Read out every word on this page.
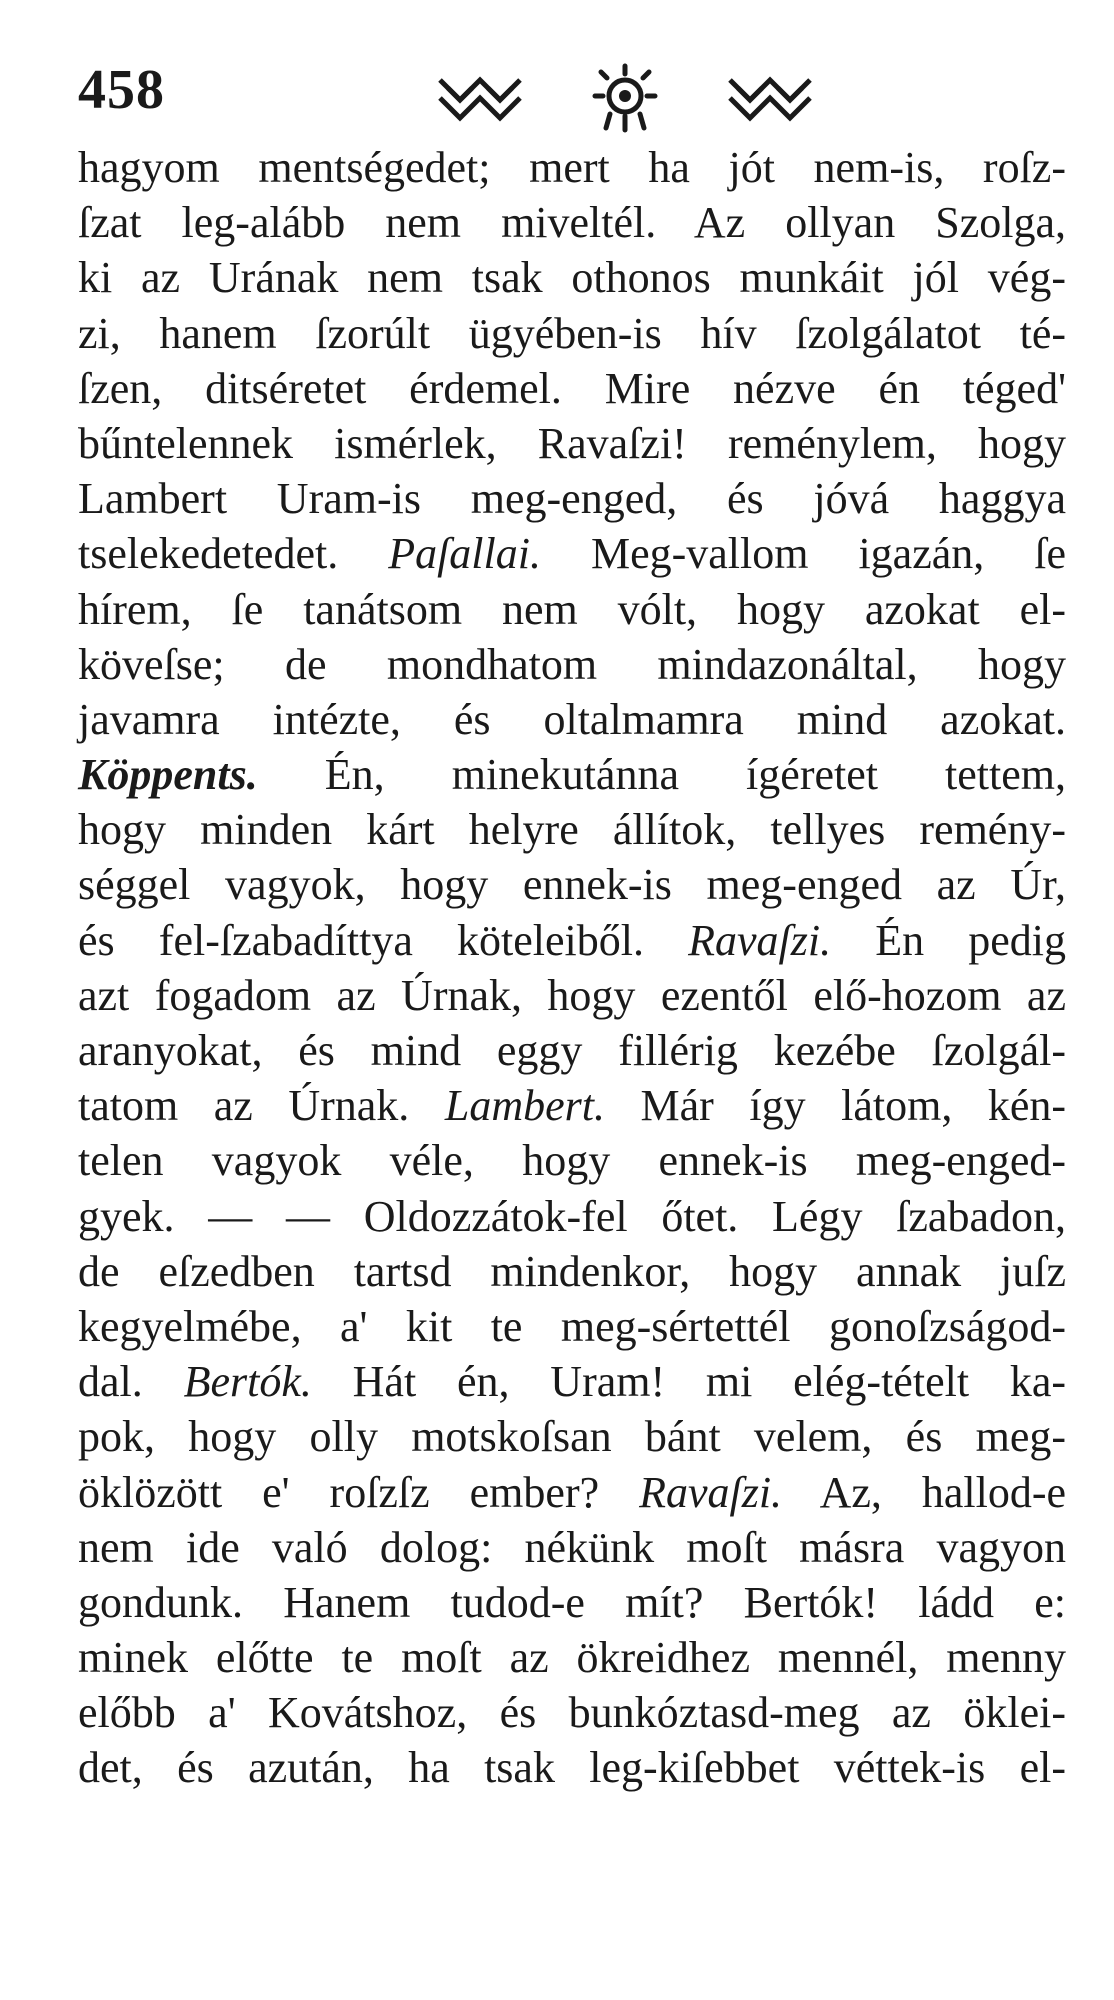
458
hagyom mentségedet; mert ha jót nem-is, roſz-
ſzat leg-alább nem miveltél. Az ollyan Szolga,
ki az Urának nem tsak othonos munkáit jól vég-
zi, hanem ſzorúlt ügyében-is hív ſzolgálatot té-
ſzen, ditséretet érdemel. Mire nézve én téged'
bűntelennek ismérlek, Ravaſzi! reménylem, hogy
Lambert Uram-is meg-enged, és jóvá haggya
tselekedetedet. Paſallai. Meg-vallom igazán, ſe
hírem, ſe tanátsom nem vólt, hogy azokat el-
köveſse; de mondhatom mindazonáltal, hogy
javamra intézte, és oltalmamra mind azokat.
Köppents. Én, minekutánna ígéretet tettem,
hogy minden kárt helyre állítok, tellyes remény-
séggel vagyok, hogy ennek-is meg-enged az Úr,
és fel-ſzabadíttya köteleiből. Ravaſzi. Én pedig
azt fogadom az Úrnak, hogy ezentől elő-hozom az
aranyokat, és mind eggy fillérig kezébe ſzolgál-
tatom az Úrnak. Lambert. Már így látom, kén-
telen vagyok véle, hogy ennek-is meg-enged-
gyek. — — Oldozzátok-fel őtet. Légy ſzabadon,
de eſzedben tartsd mindenkor, hogy annak juſz
kegyelmébe, a' kit te meg-sértettél gonoſzságod-
dal. Bertók. Hát én, Uram! mi elég-tételt ka-
pok, hogy olly motskoſsan bánt velem, és meg-
öklözött e' roſzſz ember? Ravaſzi. Az, hallod-e
nem ide való dolog: nékünk moſt másra vagyon
gondunk. Hanem tudod-e mít? Bertók! ládd e:
minek előtte te moſt az ökreidhez mennél, menny
előbb a' Kovátshoz, és bunkóztasd-meg az öklei-
det, és azután, ha tsak leg-kiſebbet véttek-is el-
